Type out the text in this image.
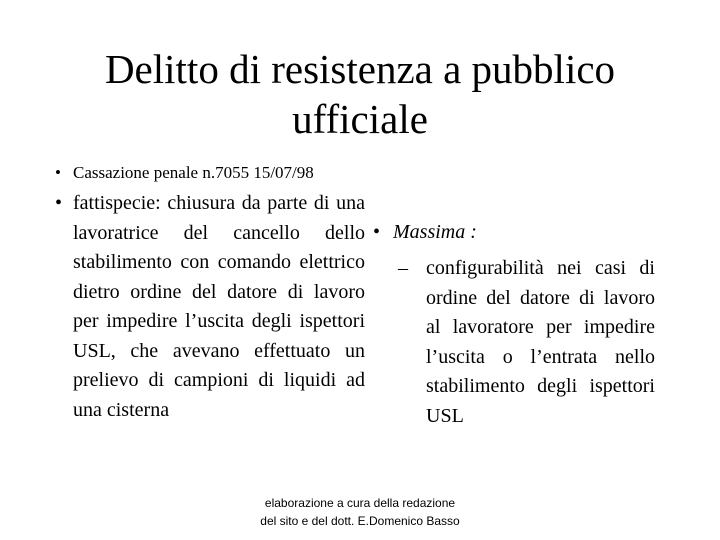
Delitto di resistenza a pubblico ufficiale
• Cassazione penale n.7055 15/07/98
• fattispecie: chiusura da parte di una lavoratrice del cancello dello stabilimento con comando elettrico dietro ordine del datore di lavoro per impedire l’uscita degli ispettori USL, che avevano effettuato un prelievo di campioni di liquidi ad una cisterna
• Massima :
– configurabilità nei casi di ordine del datore di lavoro al lavoratore per impedire l’uscita o l’entrata nello stabilimento degli ispettori USL
elaborazione a cura della redazione
del sito e del dott. E.Domenico Basso
